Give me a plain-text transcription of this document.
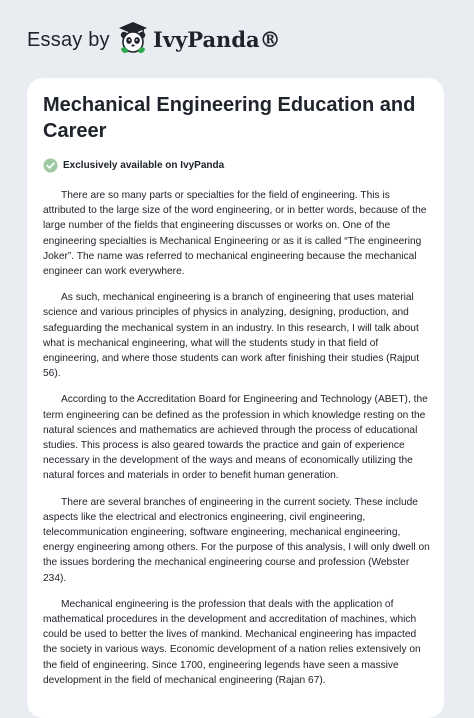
Essay by IvyPanda®
Mechanical Engineering Education and Career
Exclusively available on IvyPanda

There are so many parts or specialties for the field of engineering. This is attributed to the large size of the word engineering, or in better words, because of the large number of the fields that engineering discusses or works on. One of the engineering specialties is Mechanical Engineering or as it is called “The engineering Joker”. The name was referred to mechanical engineering because the mechanical engineer can work everywhere.

As such, mechanical engineering is a branch of engineering that uses material science and various principles of physics in analyzing, designing, production, and safeguarding the mechanical system in an industry. In this research, I will talk about what is mechanical engineering, what will the students study in that field of engineering, and where those students can work after finishing their studies (Rajput 56).

According to the Accreditation Board for Engineering and Technology (ABET), the term engineering can be defined as the profession in which knowledge resting on the natural sciences and mathematics are achieved through the process of educational studies. This process is also geared towards the practice and gain of experience necessary in the development of the ways and means of economically utilizing the natural forces and materials in order to benefit human generation.

There are several branches of engineering in the current society. These include aspects like the electrical and electronics engineering, civil engineering, telecommunication engineering, software engineering, mechanical engineering, energy engineering among others. For the purpose of this analysis, I will only dwell on the issues bordering the mechanical engineering course and profession (Webster 234).

Mechanical engineering is the profession that deals with the application of mathematical procedures in the development and accreditation of machines, which could be used to better the lives of mankind. Mechanical engineering has impacted the society in various ways. Economic development of a nation relies extensively on the field of engineering. Since 1700, engineering legends have seen a massive development in the field of mechanical engineering (Rajan 67).
